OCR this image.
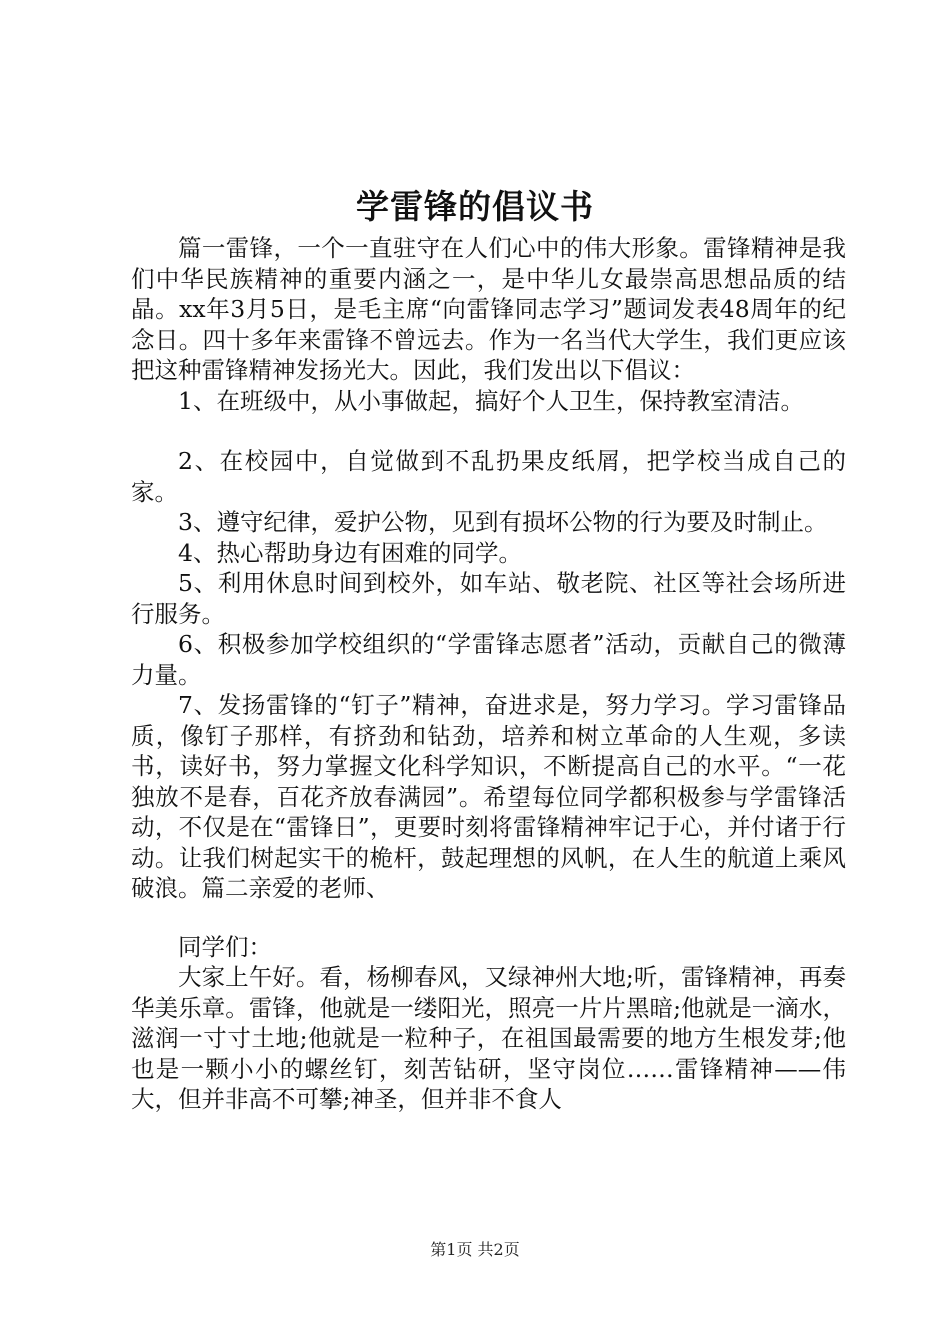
学雷锋的倡议书

篇一雷锋，一个一直驻守在人们心中的伟大形象。雷锋精神是我们中华民族精神的重要内涵之一，是中华儿女最崇高思想品质的结晶。xx年3月5日，是毛主席“向雷锋同志学习”题词发表48周年的纪念日。四十多年来雷锋不曾远去。作为一名当代大学生，我们更应该把这种雷锋精神发扬光大。因此，我们发出以下倡议：

1、在班级中，从小事做起，搞好个人卫生，保持教室清洁。

2、在校园中，自觉做到不乱扔果皮纸屑，把学校当成自己的家。

3、遵守纪律，爱护公物，见到有损坏公物的行为要及时制止。

4、热心帮助身边有困难的同学。

5、利用休息时间到校外，如车站、敬老院、社区等社会场所进行服务。

6、积极参加学校组织的“学雷锋志愿者”活动，贡献自己的微薄力量。

7、发扬雷锋的“钉子”精神，奋进求是，努力学习。学习雷锋品质，像钉子那样，有挤劲和钻劲，培养和树立革命的人生观，多读书，读好书，努力掌握文化科学知识，不断提高自己的水平。“一花独放不是春，百花齐放春满园”。希望每位同学都积极参与学雷锋活动，不仅是在“雷锋日”，更要时刻将雷锋精神牢记于心，并付诸于行动。让我们树起实干的桅杆，鼓起理想的风帆，在人生的航道上乘风破浪。篇二亲爱的老师、

同学们：

大家上午好。看，杨柳春风，又绿神州大地;听，雷锋精神，再奏华美乐章。雷锋，他就是一缕阳光，照亮一片片黑暗;他就是一滴水，滋润一寸寸土地;他就是一粒种子，在祖国最需要的地方生根发芽;他也是一颗小小的螺丝钉，刻苦钻研，坚守岗位……雷锋精神——伟大，但并非高不可攀;神圣，但并非不食人

第1页 共2页
